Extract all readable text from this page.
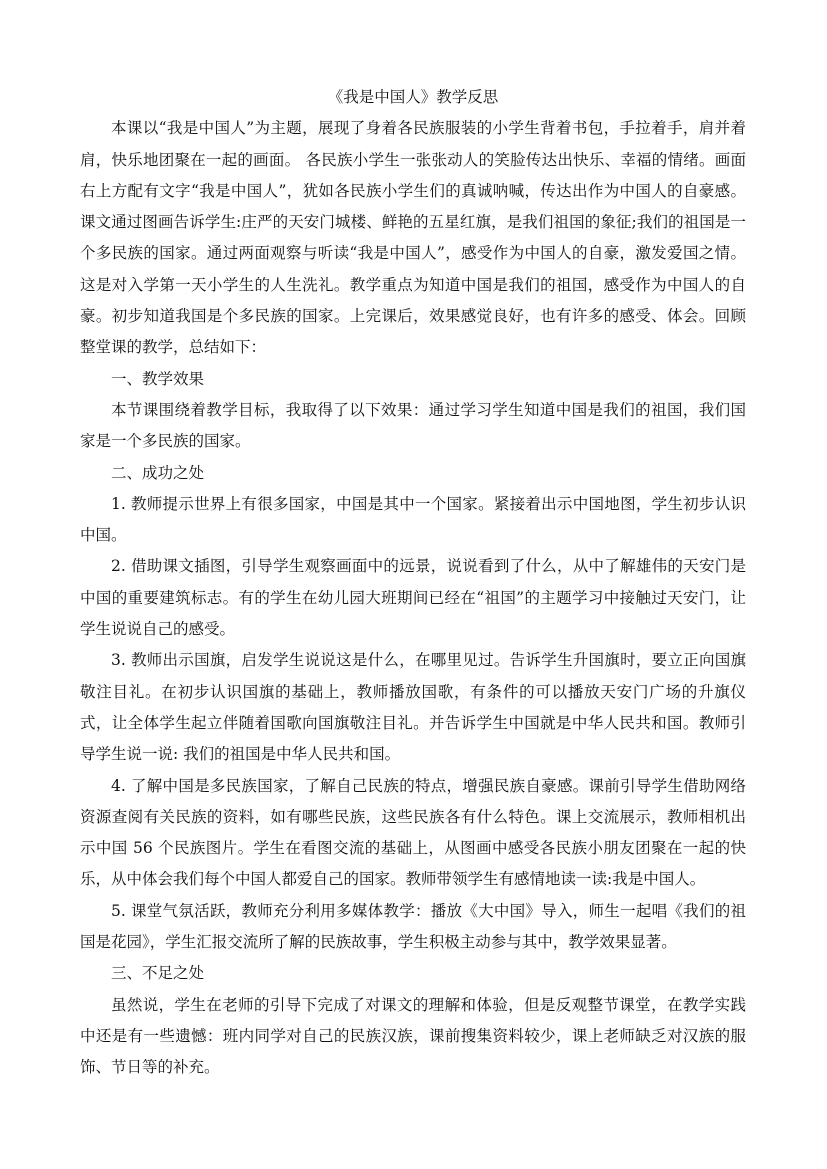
《我是中国人》教学反思

本课以“我是中国人”为主题，展现了身着各民族服装的小学生背着书包，手拉着手，肩并着肩，快乐地团聚在一起的画面。 各民族小学生一张张动人的笑脸传达出快乐、幸福的情绪。画面右上方配有文字“我是中国人”，犹如各民族小学生们的真诚呐喊，传达出作为中国人的自豪感。课文通过图画告诉学生:庄严的天安门城楼、鲜艳的五星红旗，是我们祖国的象征;我们的祖国是一个多民族的国家。通过两面观察与听读“我是中国人”，感受作为中国人的自豪，激发爱国之情。这是对入学第一天小学生的人生洗礼。教学重点为知道中国是我们的祖国，感受作为中国人的自豪。初步知道我国是个多民族的国家。上完课后，效果感觉良好，也有许多的感受、体会。回顾整堂课的教学，总结如下：

一、教学效果

本节课围绕着教学目标，我取得了以下效果：通过学习学生知道中国是我们的祖国，我们国家是一个多民族的国家。

二、成功之处

1. 教师提示世界上有很多国家，中国是其中一个国家。紧接着出示中国地图，学生初步认识中国。

2. 借助课文插图，引导学生观察画面中的远景，说说看到了什么，从中了解雄伟的天安门是中国的重要建筑标志。有的学生在幼儿园大班期间已经在“祖国”的主题学习中接触过天安门，让学生说说自己的感受。

3. 教师出示国旗，启发学生说说这是什么，在哪里见过。告诉学生升国旗时，要立正向国旗敬注目礼。在初步认识国旗的基础上，教师播放国歌，有条件的可以播放天安门广场的升旗仪式，让全体学生起立伴随着国歌向国旗敬注目礼。并告诉学生中国就是中华人民共和国。教师引导学生说一说: 我们的祖国是中华人民共和国。

4. 了解中国是多民族国家，了解自己民族的特点，增强民族自豪感。课前引导学生借助网络资源查阅有关民族的资料，如有哪些民族，这些民族各有什么特色。课上交流展示，教师相机出示中国 56 个民族图片。学生在看图交流的基础上，从图画中感受各民族小朋友团聚在一起的快乐，从中体会我们每个中国人都爱自己的国家。教师带领学生有感情地读一读:我是中国人。

5. 课堂气氛活跃，教师充分利用多媒体教学：播放《大中国》导入，师生一起唱《我们的祖国是花园》，学生汇报交流所了解的民族故事，学生积极主动参与其中，教学效果显著。

三、不足之处

虽然说，学生在老师的引导下完成了对课文的理解和体验，但是反观整节课堂，在教学实践中还是有一些遗憾：班内同学对自己的民族汉族，课前搜集资料较少，课上老师缺乏对汉族的服饰、节日等的补充。
